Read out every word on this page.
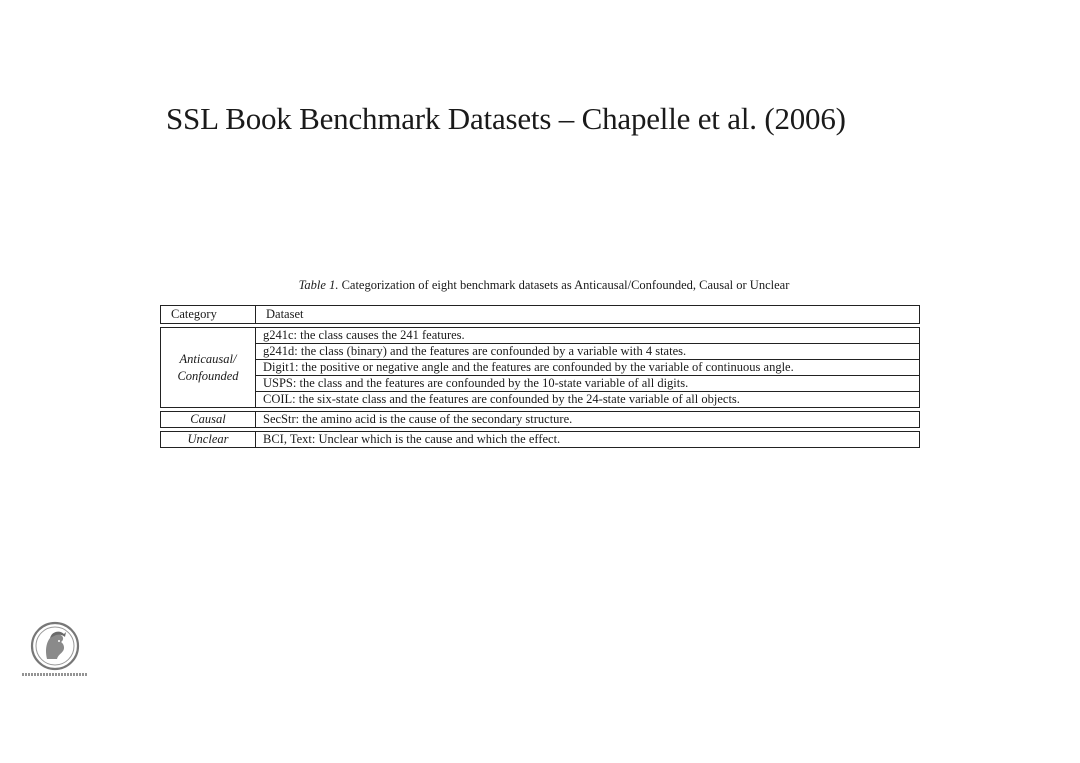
SSL Book Benchmark Datasets – Chapelle et al. (2006)
Table 1. Categorization of eight benchmark datasets as Anticausal/Confounded, Causal or Unclear
Category	Dataset

Anticausal/ Confounded	g241c: the class causes the 241 features.
	g241d: the class (binary) and the features are confounded by a variable with 4 states.
	Digit1: the positive or negative angle and the features are confounded by the variable of continuous angle.
	USPS: the class and the features are confounded by the 10-state variable of all digits.
	COIL: the six-state class and the features are confounded by the 24-state variable of all objects.

Causal	SecStr: the amino acid is the cause of the secondary structure.

Unclear	BCI, Text: Unclear which is the cause and which the effect.
